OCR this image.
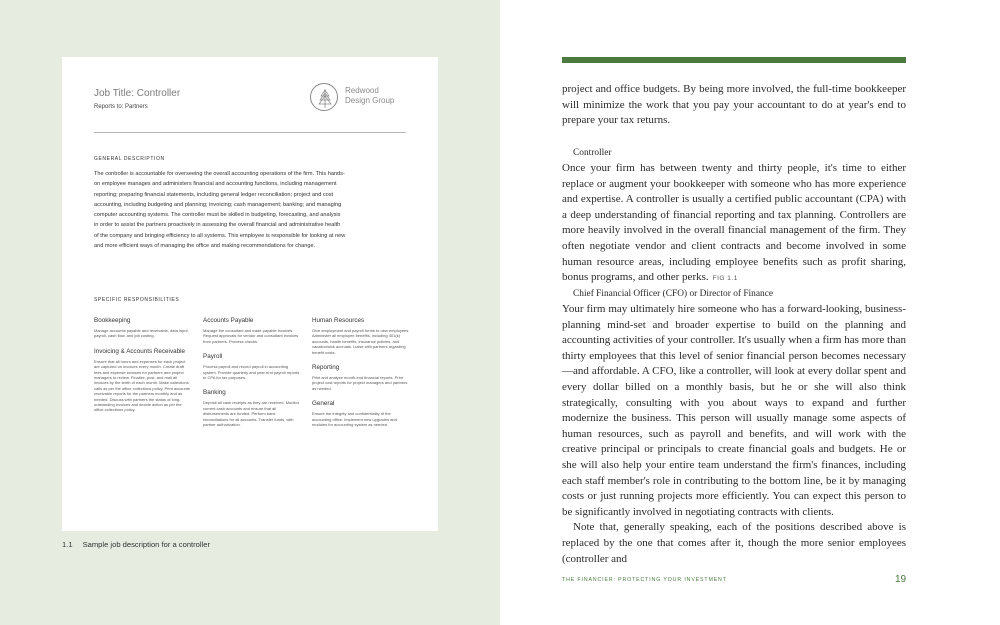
Job Title: Controller
Reports to: Partners
Redwood
Design Group
GENERAL DESCRIPTION
The controller is accountable for overseeing the overall accounting operations of the firm. This hands-on employee manages and administers financial and accounting functions, including management reporting; preparing financial statements, including general ledger reconciliation; project and cost accounting, including budgeting and planning; invoicing; cash management; banking; and managing computer accounting systems. The controller must be skilled in budgeting, forecasting, and analysis in order to assist the partners proactively in assessing the overall financial and administrative health of the company and bringing efficiency to all systems. This employee is responsible for looking at new and more efficient ways of managing the office and making recommendations for change.
SPECIFIC RESPONSIBILITIES
Bookkeeping
Manage accounts payable and receivable, data input, payroll, cash flow, and job costing.
Invoicing & Accounts Receivable
Ensure that all hours and expenses for each project are captured on invoices every month. Create draft fees and expense invoices for partners and project managers to review. Finalize, post, and mail all invoices by the tenth of each month. Make collections calls as per the office collections policy. Print accounts receivable reports for the partners monthly and as needed. Discuss with partners the status of long-outstanding invoices and decide action as per the office collections policy.
Accounts Payable
Manage the consultant and trade payable invoices. Request approvals for vendor and consultant invoices from partners. Process checks.
Payroll
Process payroll and record payroll in accounting system. Provide quarterly and year-end payroll reports to CPA for tax purposes.
Banking
Deposit all cash receipts as they are received. Monitor current cash accounts and ensure that all disbursements are funded. Perform bank reconciliations for all accounts. Transfer funds, with partner authorization.
Human Resources
Give employment and payroll forms to new employees. Administer all employee benefits, including 401(k) accounts, health benefits, insurance policies, and vacation/sick accruals. Liaise with partners regarding benefit costs.
Reporting
Print and analyze month-end financial reports. Print project cost reports for project managers and partners as needed.
General
Ensure the integrity and confidentiality of the accounting office. Implement new upgrades and modules for accounting system as needed.
1.1 Sample job description for a controller

project and office budgets. By being more involved, the full-time bookkeeper will minimize the work that you pay your accountant to do at year's end to prepare your tax returns.

Controller

Once your firm has between twenty and thirty people, it's time to either replace or augment your bookkeeper with someone who has more experience and expertise. A controller is usually a certified public accountant (CPA) with a deep understanding of financial reporting and tax planning. Controllers are more heavily involved in the overall financial management of the firm. They often negotiate vendor and client contracts and become involved in some human resource areas, including employee benefits such as profit sharing, bonus programs, and other perks. FIG 1.1

Chief Financial Officer (CFO) or Director of Finance

Your firm may ultimately hire someone who has a forward-looking, business-planning mind-set and broader expertise to build on the planning and accounting activities of your controller. It's usually when a firm has more than thirty employees that this level of senior financial person becomes necessary—and affordable. A CFO, like a controller, will look at every dollar spent and every dollar billed on a monthly basis, but he or she will also think strategically, consulting with you about ways to expand and further modernize the business. This person will usually manage some aspects of human resources, such as payroll and benefits, and will work with the creative principal or principals to create financial goals and budgets. He or she will also help your entire team understand the firm's finances, including each staff member's role in contributing to the bottom line, be it by managing costs or just running projects more efficiently. You can expect this person to be significantly involved in negotiating contracts with clients.

Note that, generally speaking, each of the positions described above is replaced by the one that comes after it, though the more senior employees (controller and

THE FINANCIER: PROTECTING YOUR INVESTMENT	19
